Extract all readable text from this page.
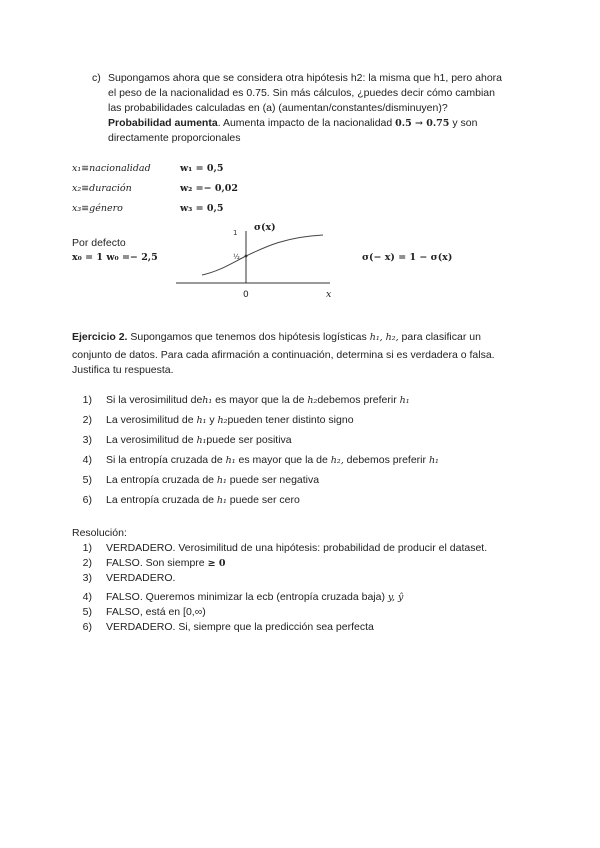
c) Supongamos ahora que se considera otra hipótesis h2: la misma que h1, pero ahora
el peso de la nacionalidad es 0.75. Sin más cálculos, ¿puedes decir cómo cambian
las probabilidades calculadas en (a) (aumentan/constantes/disminuyen)?
Probabilidad aumenta. Aumenta impacto de la nacionalidad 0.5 → 0.75 y son
directamente proporcionales
x₁≡nacionalidad	w₁ = 0,5
x₂≡duración	w₂ =− 0,02
x₃≡género	w₃ = 0,5
Por defecto
x₀ = 1 w₀ =− 2,5
1
½
σ(x)
0	x
σ(− x) = 1 − σ(x)
Ejercicio 2. Supongamos que tenemos dos hipótesis logísticas h₁, h₂, para clasificar un
conjunto de datos. Para cada afirmación a continuación, determina si es verdadera o falsa.
Justifica tu respuesta.
1) Si la verosimilitud deh₁ es mayor que la de h₂debemos preferir h₁
2) La verosimilitud de h₁ y h₂pueden tener distinto signo
3) La verosimilitud de h₁puede ser positiva
4) Si la entropía cruzada de h₁ es mayor que la de h₂, debemos preferir h₁
5) La entropía cruzada de h₁ puede ser negativa
6) La entropía cruzada de h₁ puede ser cero
Resolución:
1) VERDADERO. Verosimilitud de una hipótesis: probabilidad de producir el dataset.
2) FALSO. Son siempre ≥ 0
3) VERDADERO.
4) FALSO. Queremos minimizar la ecb (entropía cruzada baja) y, ŷ
5) FALSO, está en [0,∞)
6) VERDADERO. Si, siempre que la predicción sea perfecta
